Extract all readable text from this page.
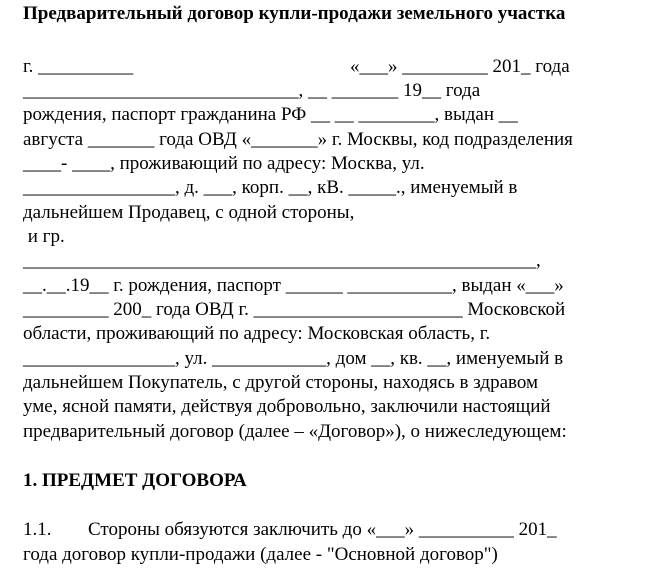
Предварительный договор купли-продажи земельного участка
г. __________	«___» _________ 201_ года
_____________________________, __ _______ 19__ года
рождения, паспорт гражданина РФ __ __ ________, выдан __
августа _______ года ОВД «_______» г. Москвы, код подразделения
____- ____, проживающий по адресу: Москва, ул.
________________, д. ___, корп. __, кВ. _____., именуемый в
дальнейшем Продавец, с одной стороны,
и гр.
______________________________________________________,
__.__.19__ г. рождения, паспорт ______ ___________, выдан «___»
_________ 200_ года ОВД г. ______________________ Московской
области, проживающий по адресу: Московская область, г.
________________, ул. ____________, дом __, кв. __, именуемый в
дальнейшем Покупатель, с другой стороны, находясь в здравом
уме, ясной памяти, действуя добровольно, заключили настоящий
предварительный договор (далее – «Договор»), о нижеследующем:
1. ПРЕДМЕТ ДОГОВОРА
1.1. Стороны обязуются заключить до «___» __________ 201_
года договор купли-продажи (далее - "Основной договор")
